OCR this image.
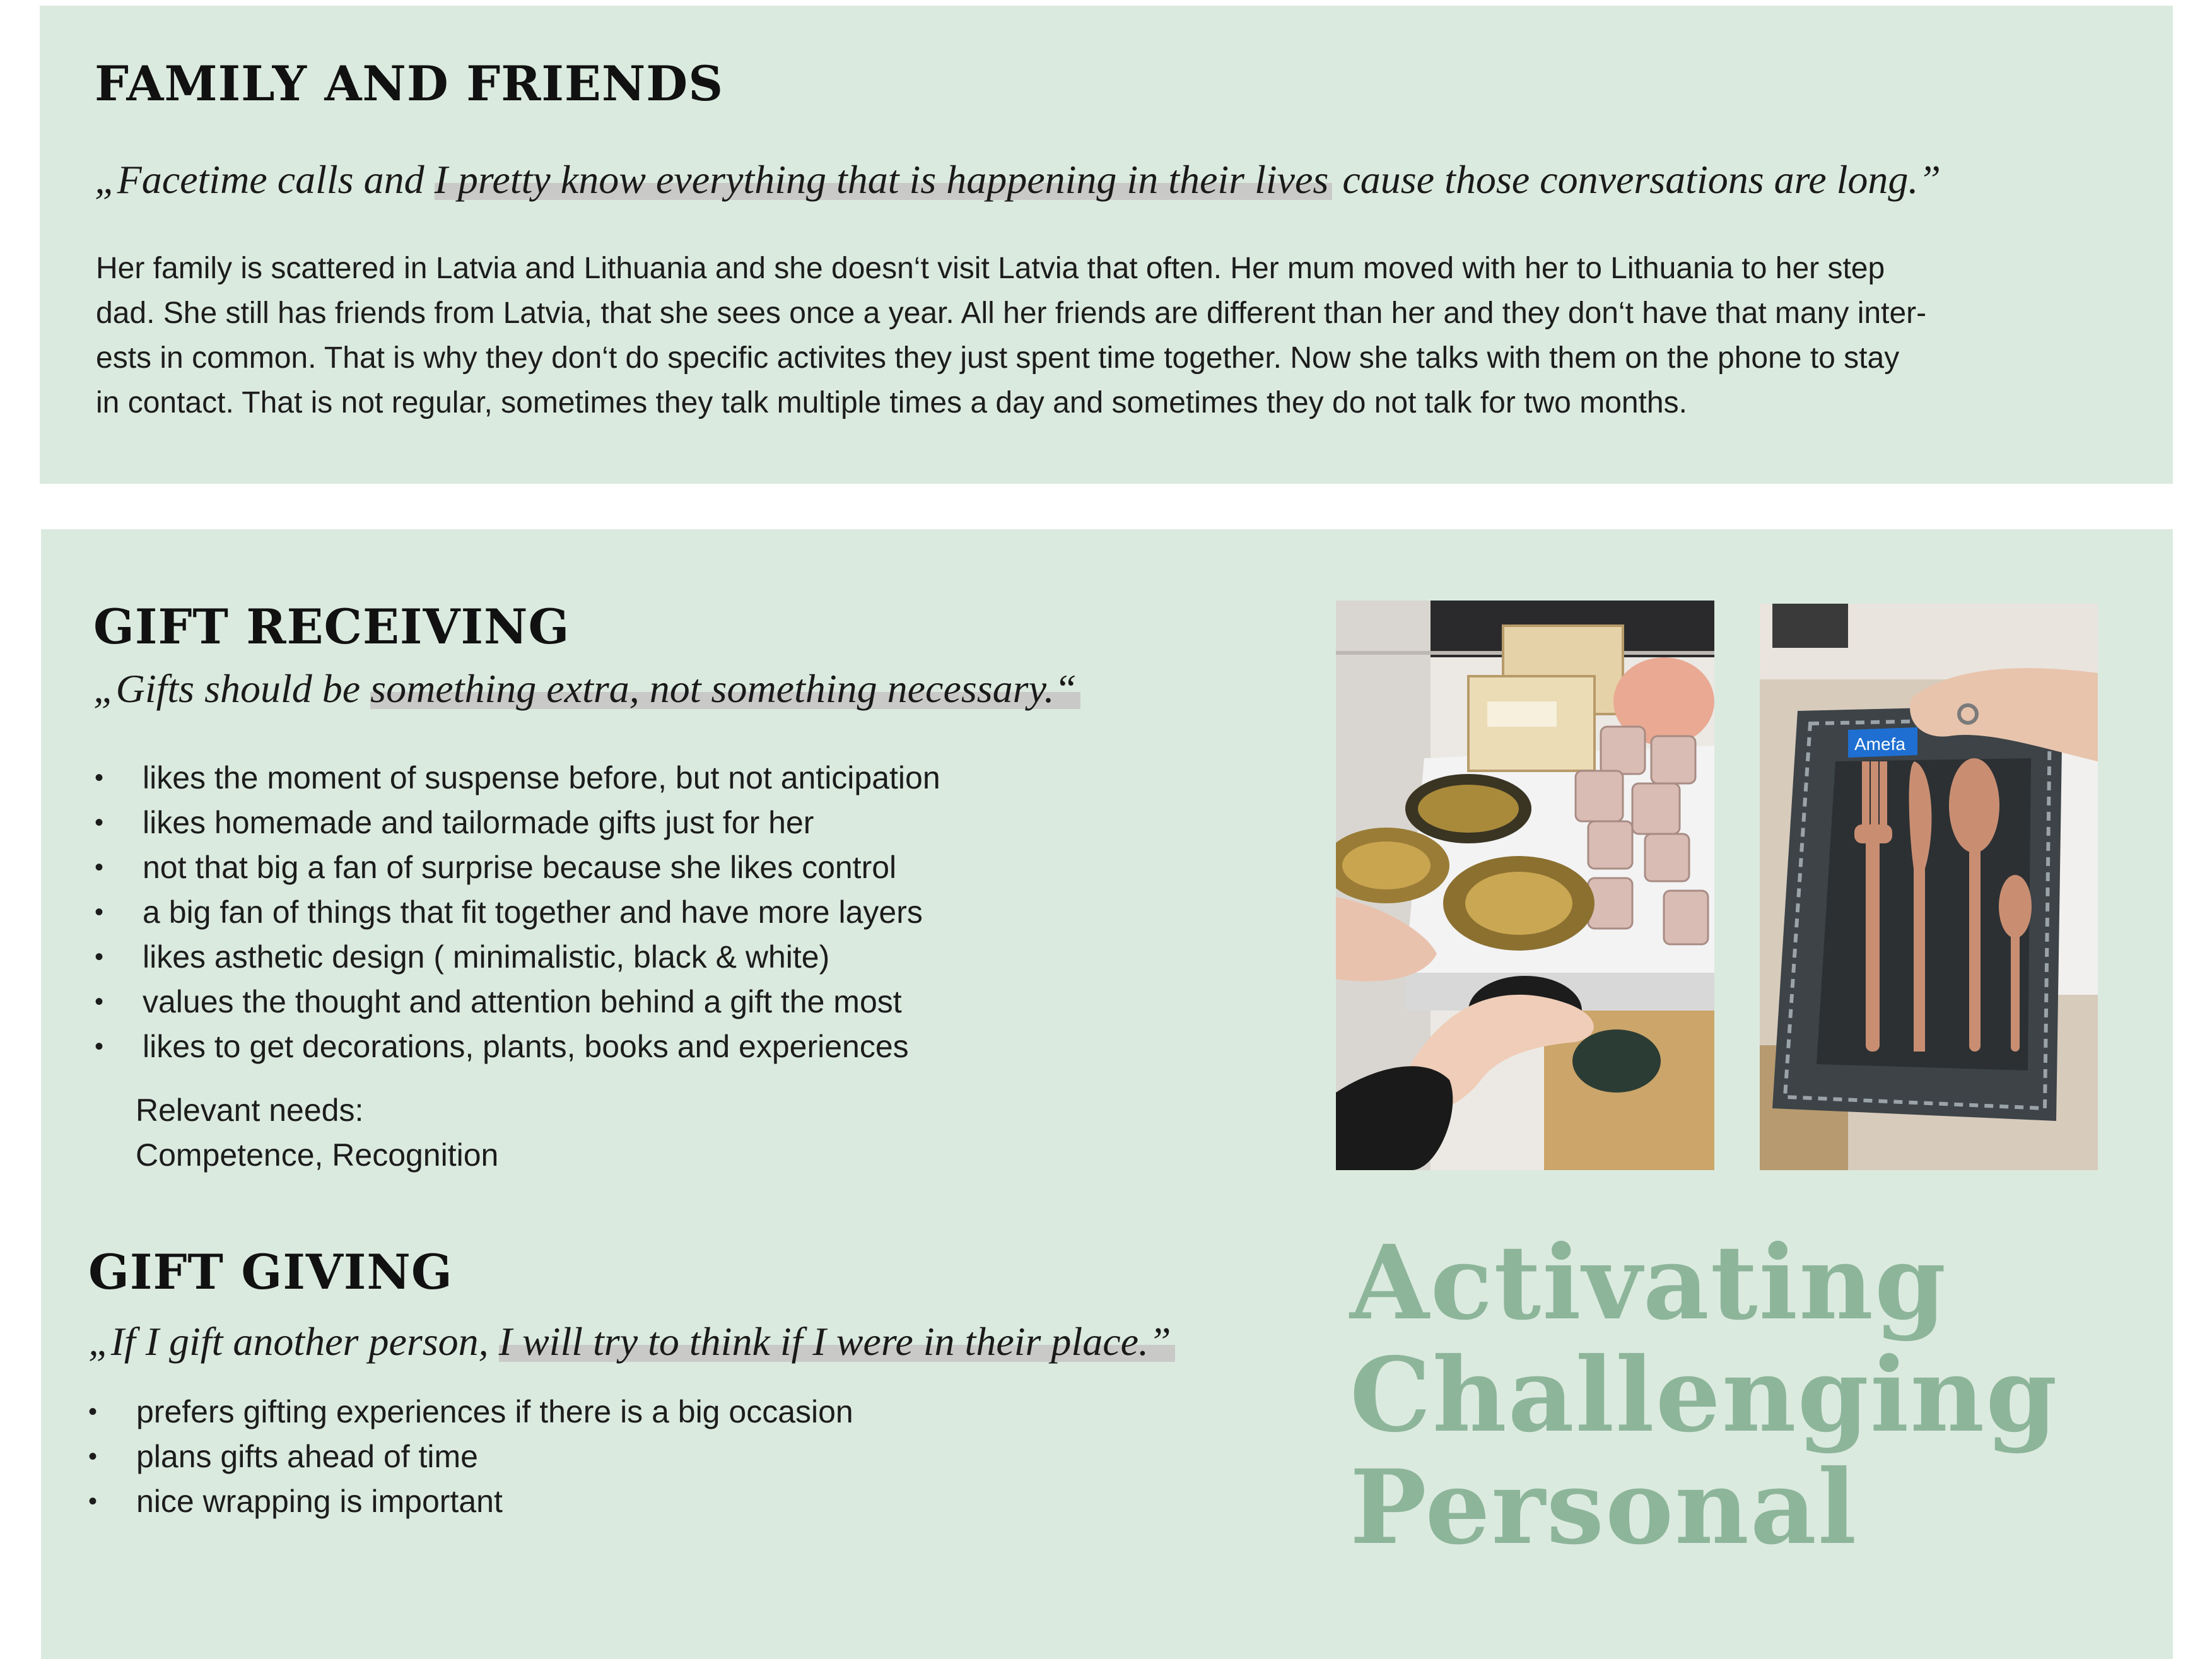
FAMILY AND FRIENDS

„Facetime calls and I pretty know everything that is happening in their lives cause those conversations are long.”

Her family is scattered in Latvia and Lithuania and she doesn‘t visit Latvia that often. Her mum moved with her to Lithuania to her step
dad. She still has friends from Latvia, that she sees once a year. All her friends are different than her and they don‘t have that many inter-
ests in common. That is why they don‘t do specific activites they just spent time together. Now she talks with them on the phone to stay
in contact. That is not regular, sometimes they talk multiple times a day and sometimes they do not talk for two months.
GIFT RECEIVING

„Gifts should be something extra, not something necessary.“

• likes the moment of suspense before, but not anticipation
• likes homemade and tailormade gifts just for her
• not that big a fan of surprise because she likes control
• a big fan of things that fit together and have more layers
• likes asthetic design ( minimalistic, black & white)
• values the thought and attention behind a gift the most
• likes to get decorations, plants, books and experiences
Relevant needs:
Competence, Recognition
GIFT GIVING

„If I gift another person, I will try to think if I were in their place.”

• prefers gifting experiences if there is a big occasion
• plans gifts ahead of time
• nice wrapping is important
Amefa
Activating
Challenging
Personal
